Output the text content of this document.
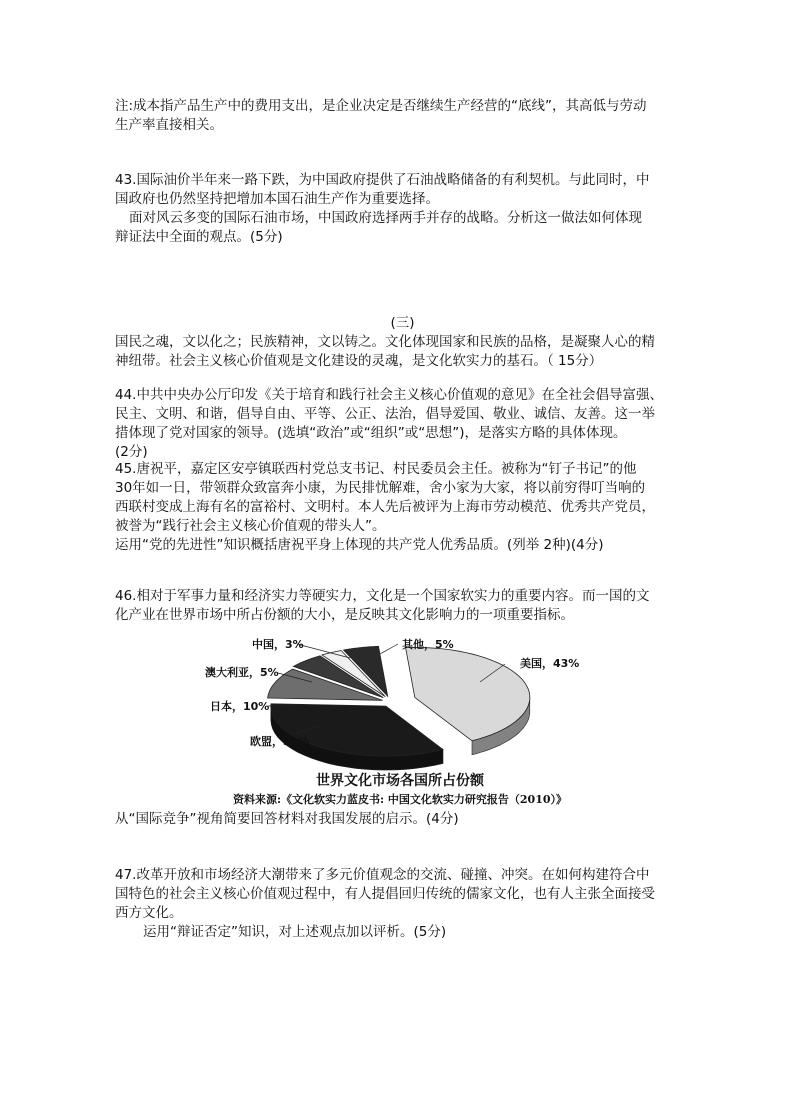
注:成本指产品生产中的费用支出，是企业决定是否继续生产经营的“底线”，其高低与劳动
生产率直接相关。
43.国际油价半年来一路下跌，为中国政府提供了石油战略储备的有利契机。与此同时，中
国政府也仍然坚持把增加本国石油生产作为重要选择。
面对风云多变的国际石油市场，中国政府选择两手并存的战略。分析这一做法如何体现
辩证法中全面的观点。(5分)
(三)
国民之魂，文以化之；民族精神，文以铸之。文化体现国家和民族的品格，是凝聚人心的精
神纽带。社会主义核心价值观是文化建设的灵魂，是文化软实力的基石。（ 15分）
44.中共中央办公厅印发《关于培育和践行社会主义核心价值观的意见》在全社会倡导富强、
民主、文明、和谐，倡导自由、平等、公正、法治，倡导爱国、敬业、诚信、友善。这一举
措体现了党对国家的领导。(选填“政治”或“组织”或“思想”)，是落实方略的具体体现。
(2分)
45.唐祝平，嘉定区安亭镇联西村党总支书记、村民委员会主任。被称为“钉子书记”的他
30年如一日，带领群众致富奔小康，为民排忧解难，舍小家为大家，将以前穷得叮当响的
西联村变成上海有名的富裕村、文明村。本人先后被评为上海市劳动模范、优秀共产党员，
被誉为“践行社会主义核心价值观的带头人”。
运用“党的先进性”知识概括唐祝平身上体现的共产党人优秀品质。(列举 2种)(4分)
46.相对于军事力量和经济实力等硬实力，文化是一个国家软实力的重要内容。而一国的文
化产业在世界市场中所占份额的大小，是反映其文化影响力的一项重要指标。
美国，43%
欧盟，34%
日本，10%
澳大利亚，5%
中国，3%	其他，5%
世界文化市场各国所占份额
资料来源:《文化软实力蓝皮书: 中国文化软实力研究报告（2010）》
从“国际竞争”视角简要回答材料对我国发展的启示。(4分)
47.改革开放和市场经济大潮带来了多元价值观念的交流、碰撞、冲突。在如何构建符合中
国特色的社会主义核心价值观过程中，有人提倡回归传统的儒家文化，也有人主张全面接受
西方文化。
运用“辩证否定”知识，对上述观点加以评析。(5分)
